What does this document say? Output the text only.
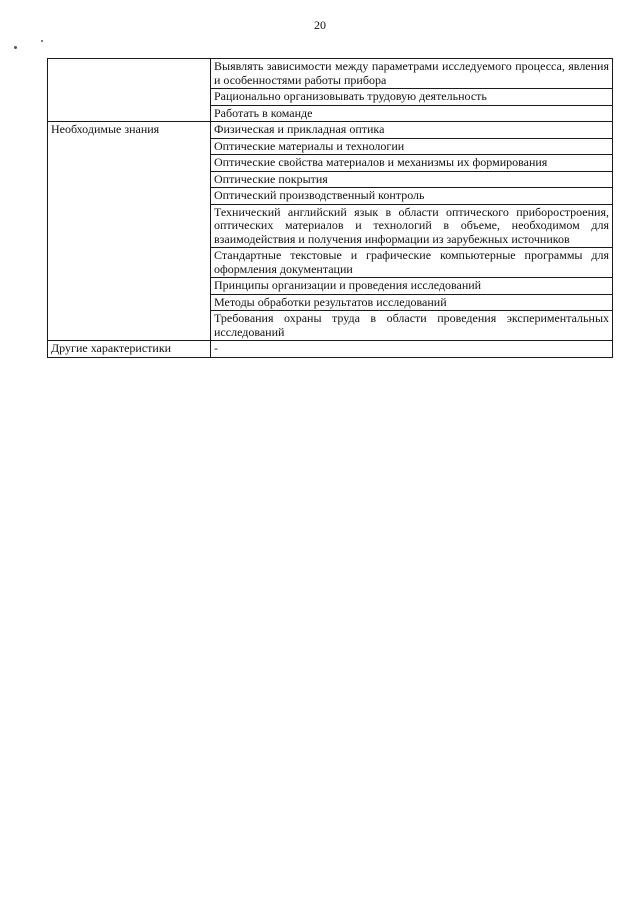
20
	Выявлять зависимости между параметрами исследуемого процесса, явления и особенностями работы прибора
	Рационально организовывать трудовую деятельность
	Работать в команде
Необходимые знания	Физическая и прикладная оптика
	Оптические материалы и технологии
	Оптические свойства материалов и механизмы их формирования
	Оптические покрытия
	Оптический производственный контроль
	Технический английский язык в области оптического приборостроения, оптических материалов и технологий в объеме, необходимом для взаимодействия и получения информации из зарубежных источников
	Стандартные текстовые и графические компьютерные программы для оформления документации
	Принципы организации и проведения исследований
	Методы обработки результатов исследований
	Требования охраны труда в области проведения экспериментальных исследований
Другие характеристики	-
